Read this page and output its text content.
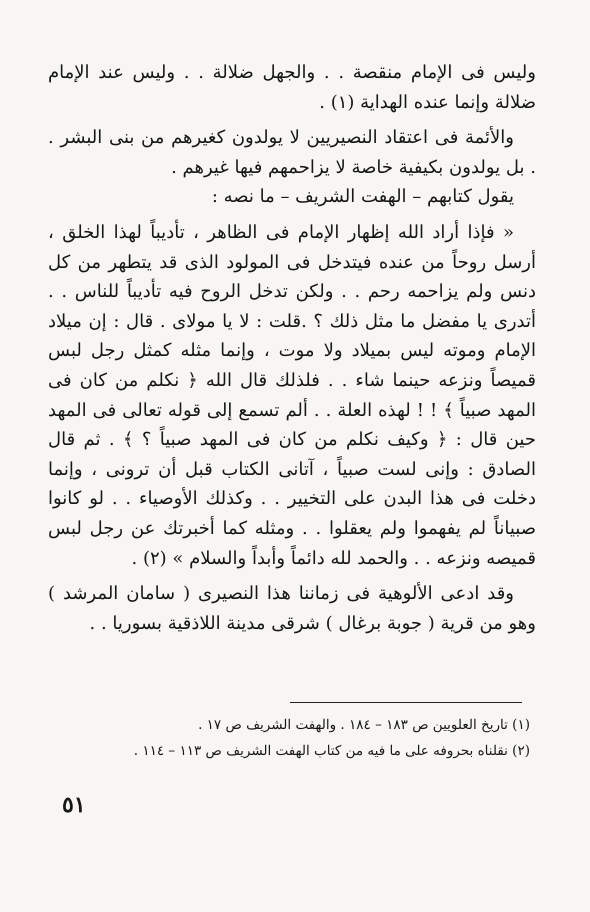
وليس فى الإمام منقصة . . والجهل ضلالة . . وليس عند الإمام ضلالة وإنما عنده الهداية (١) .

والأئمة فى اعتقاد النصيريين لا يولدون كغيرهم من بنى البشر . . بل يولدون بكيفية خاصة لا يزاحمهم فيها غيرهم .

يقول كتابهم – الهفت الشريف – ما نصه :

« فإذا أراد الله إظهار الإمام فى الظاهر ، تأديباً لهذا الخلق ، أرسل روحاً من عنده فيتدخل فى المولود الذى قد يتطهر من كل دنس ولم يزاحمه رحم . . ولكن تدخل الروح فيه تأديباً للناس . . أتدرى يا مفضل ما مثل ذلك ؟ .قلت : لا يا مولاى . قال : إن ميلاد الإمام وموته ليس بميلاد ولا موت ، وإنما مثله كمثل رجل لبس قميصاً ونزعه حينما شاء . . فلذلك قال الله ﴿ نكلم من كان فى المهد صبياً ﴾ ! ! لهذه العلة . . ألم تسمع إلى قوله تعالى فى المهد حين قال : ﴿ وكيف نكلم من كان فى المهد صبياً ؟ ﴾ . ثم قال الصادق : وإنى لست صبياً ، آتانى الكتاب قبل أن ترونى ، وإنما دخلت فى هذا البدن على التخيير . . وكذلك الأوصياء . . لو كانوا صبياناً لم يفهموا ولم يعقلوا . . ومثله كما أخبرتك عن رجل لبس قميصه ونزعه . . والحمد لله دائماً وأبداً والسلام » (٢) .

وقد ادعى الألوهية فى زماننا هذا النصيرى ( سامان المرشد ) وهو من قرية ( جوبة برغال ) شرقى مدينة اللاذقية بسوريا . .

(١) تاريخ العلويين ص ١٨٣ – ١٨٤ . والهفت الشريف ص ١٧ .

(٢) نقلناه بحروفه على ما فيه من كتاب الهفت الشريف ص ١١٣ – ١١٤ .

٥١
